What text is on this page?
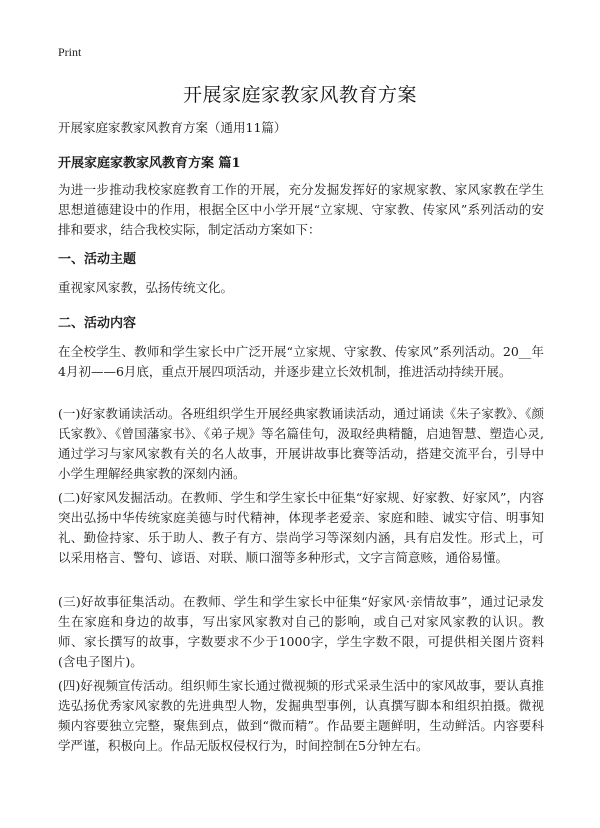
Print
开展家庭家教家风教育方案
开展家庭家教家风教育方案（通用11篇）
开展家庭家教家风教育方案 篇1
为进一步推动我校家庭教育工作的开展，充分发掘发挥好的家规家教、家风家教在学生思想道德建设中的作用，根据全区中小学开展“立家规、守家教、传家风”系列活动的安排和要求，结合我校实际，制定活动方案如下：
一、活动主题
重视家风家教，弘扬传统文化。
二、活动内容
在全校学生、教师和学生家长中广泛开展“立家规、守家教、传家风”系列活动。20__年4月初——6月底，重点开展四项活动，并逐步建立长效机制，推进活动持续开展。
(一)好家教诵读活动。各班组织学生开展经典家教诵读活动，通过诵读《朱子家教》、《颜氏家教》、《曾国藩家书》、《弟子规》等名篇佳句，汲取经典精髓，启迪智慧、塑造心灵,通过学习与家风家教有关的名人故事，开展讲故事比赛等活动，搭建交流平台，引导中小学生理解经典家教的深刻内涵。
(二)好家风发掘活动。在教师、学生和学生家长中征集“好家规、好家教、好家风”，内容突出弘扬中华传统家庭美德与时代精神，体现孝老爱亲、家庭和睦、诚实守信、明事知礼、勤俭持家、乐于助人、教子有方、崇尚学习等深刻内涵，具有启发性。形式上，可以采用格言、警句、谚语、对联、顺口溜等多种形式，文字言简意赅，通俗易懂。
(三)好故事征集活动。在教师、学生和学生家长中征集“好家风·亲情故事”，通过记录发生在家庭和身边的故事，写出家风家教对自己的影响，或自己对家风家教的认识。教师、家长撰写的故事，字数要求不少于1000字，学生字数不限，可提供相关图片资料(含电子图片)。
(四)好视频宣传活动。组织师生家长通过微视频的形式采录生活中的家风故事，要认真推选弘扬优秀家风家教的先进典型人物，发掘典型事例，认真撰写脚本和组织拍摄。微视频内容要独立完整，聚焦到点，做到“微而精”。作品要主题鲜明，生动鲜活。内容要科学严谨，积极向上。作品无版权侵权行为，时间控制在5分钟左右。
